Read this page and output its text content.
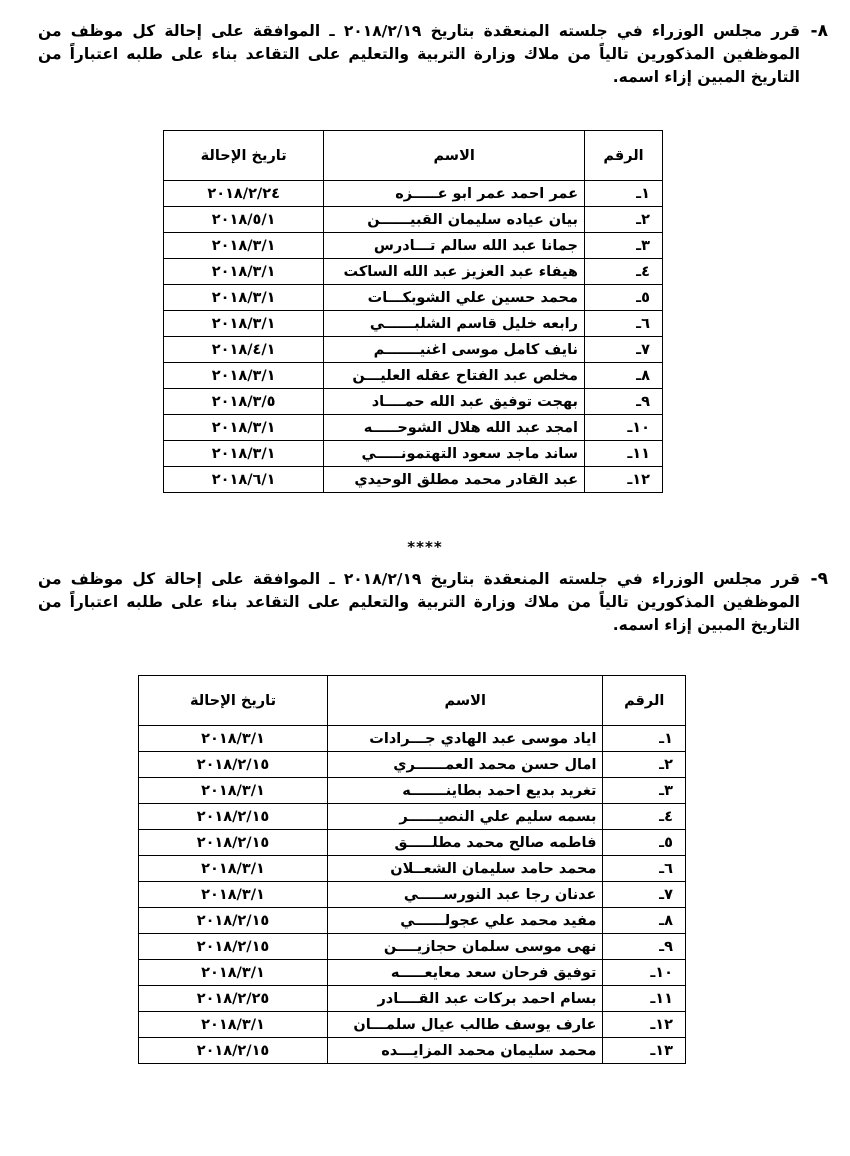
٨-
قرر مجلس الوزراء في جلسته المنعقدة بتاريخ ٢٠١٨/٢/١٩ ـ الموافقة على إحالة كل موظف من الموظفين المذكورين تالياً من ملاك وزارة التربية والتعليم على التقاعد بناء على طلبه اعتباراً من التاريخ المبين إزاء اسمه.
الرقم	الاسم	تاريخ الإحالة
١ـ	عمر احمد عمر ابو عـــــزه	٢٠١٨/٢/٢٤
٢ـ	بيان عياده سليمان القبيــــــن	٢٠١٨/٥/١
٣ـ	جمانا عبد الله سالم تـــادرس	٢٠١٨/٣/١
٤ـ	هيفاء عبد العزيز عبد الله الساكت	٢٠١٨/٣/١
٥ـ	محمد حسين علي الشوبكـــات	٢٠١٨/٣/١
٦ـ	رابعه خليل قاسم الشلبــــــي	٢٠١٨/٣/١
٧ـ	نايف كامل موسى اغنيـــــــم	٢٠١٨/٤/١
٨ـ	مخلص عبد الفتاح عقله العليـــن	٢٠١٨/٣/١
٩ـ	بهجت توفيق عبد الله حمــــاد	٢٠١٨/٣/٥
١٠ـ	امجد عبد الله هلال الشوحـــــه	٢٠١٨/٣/١
١١ـ	ساند ماجد سعود التهتمونـــــي	٢٠١٨/٣/١
١٢ـ	عبد القادر محمد مطلق الوحيدي	٢٠١٨/٦/١
****
٩-
قرر مجلس الوزراء في جلسته المنعقدة بتاريخ ٢٠١٨/٢/١٩ ـ الموافقة على إحالة كل موظف من الموظفين المذكورين تالياً من ملاك وزارة التربية والتعليم على التقاعد بناء على طلبه اعتباراً من التاريخ المبين إزاء اسمه.
الرقم	الاسم	تاريخ الإحالة
١ـ	اياد موسى عبد الهادي جـــرادات	٢٠١٨/٣/١
٢ـ	امال حسن محمد العمــــــري	٢٠١٨/٢/١٥
٣ـ	تغريد بديع احمد بطاينـــــــه	٢٠١٨/٣/١
٤ـ	بسمه سليم علي النصيــــــر	٢٠١٨/٢/١٥
٥ـ	فاطمه صالح محمد مطلـــــق	٢٠١٨/٢/١٥
٦ـ	محمد حامد سليمان الشعــلان	٢٠١٨/٣/١
٧ـ	عدنان رجا عبد النورســـــي	٢٠١٨/٣/١
٨ـ	مفيد محمد علي عجولــــــي	٢٠١٨/٢/١٥
٩ـ	نهى موسى سلمان حجازيــــن	٢٠١٨/٢/١٥
١٠ـ	توفيق فرحان سعد معايعـــــه	٢٠١٨/٣/١
١١ـ	بسام احمد بركات عبد القــــادر	٢٠١٨/٢/٢٥
١٢ـ	عارف يوسف طالب عيال سلمـــان	٢٠١٨/٣/١
١٣ـ	محمد سليمان محمد المزايـــده	٢٠١٨/٢/١٥
